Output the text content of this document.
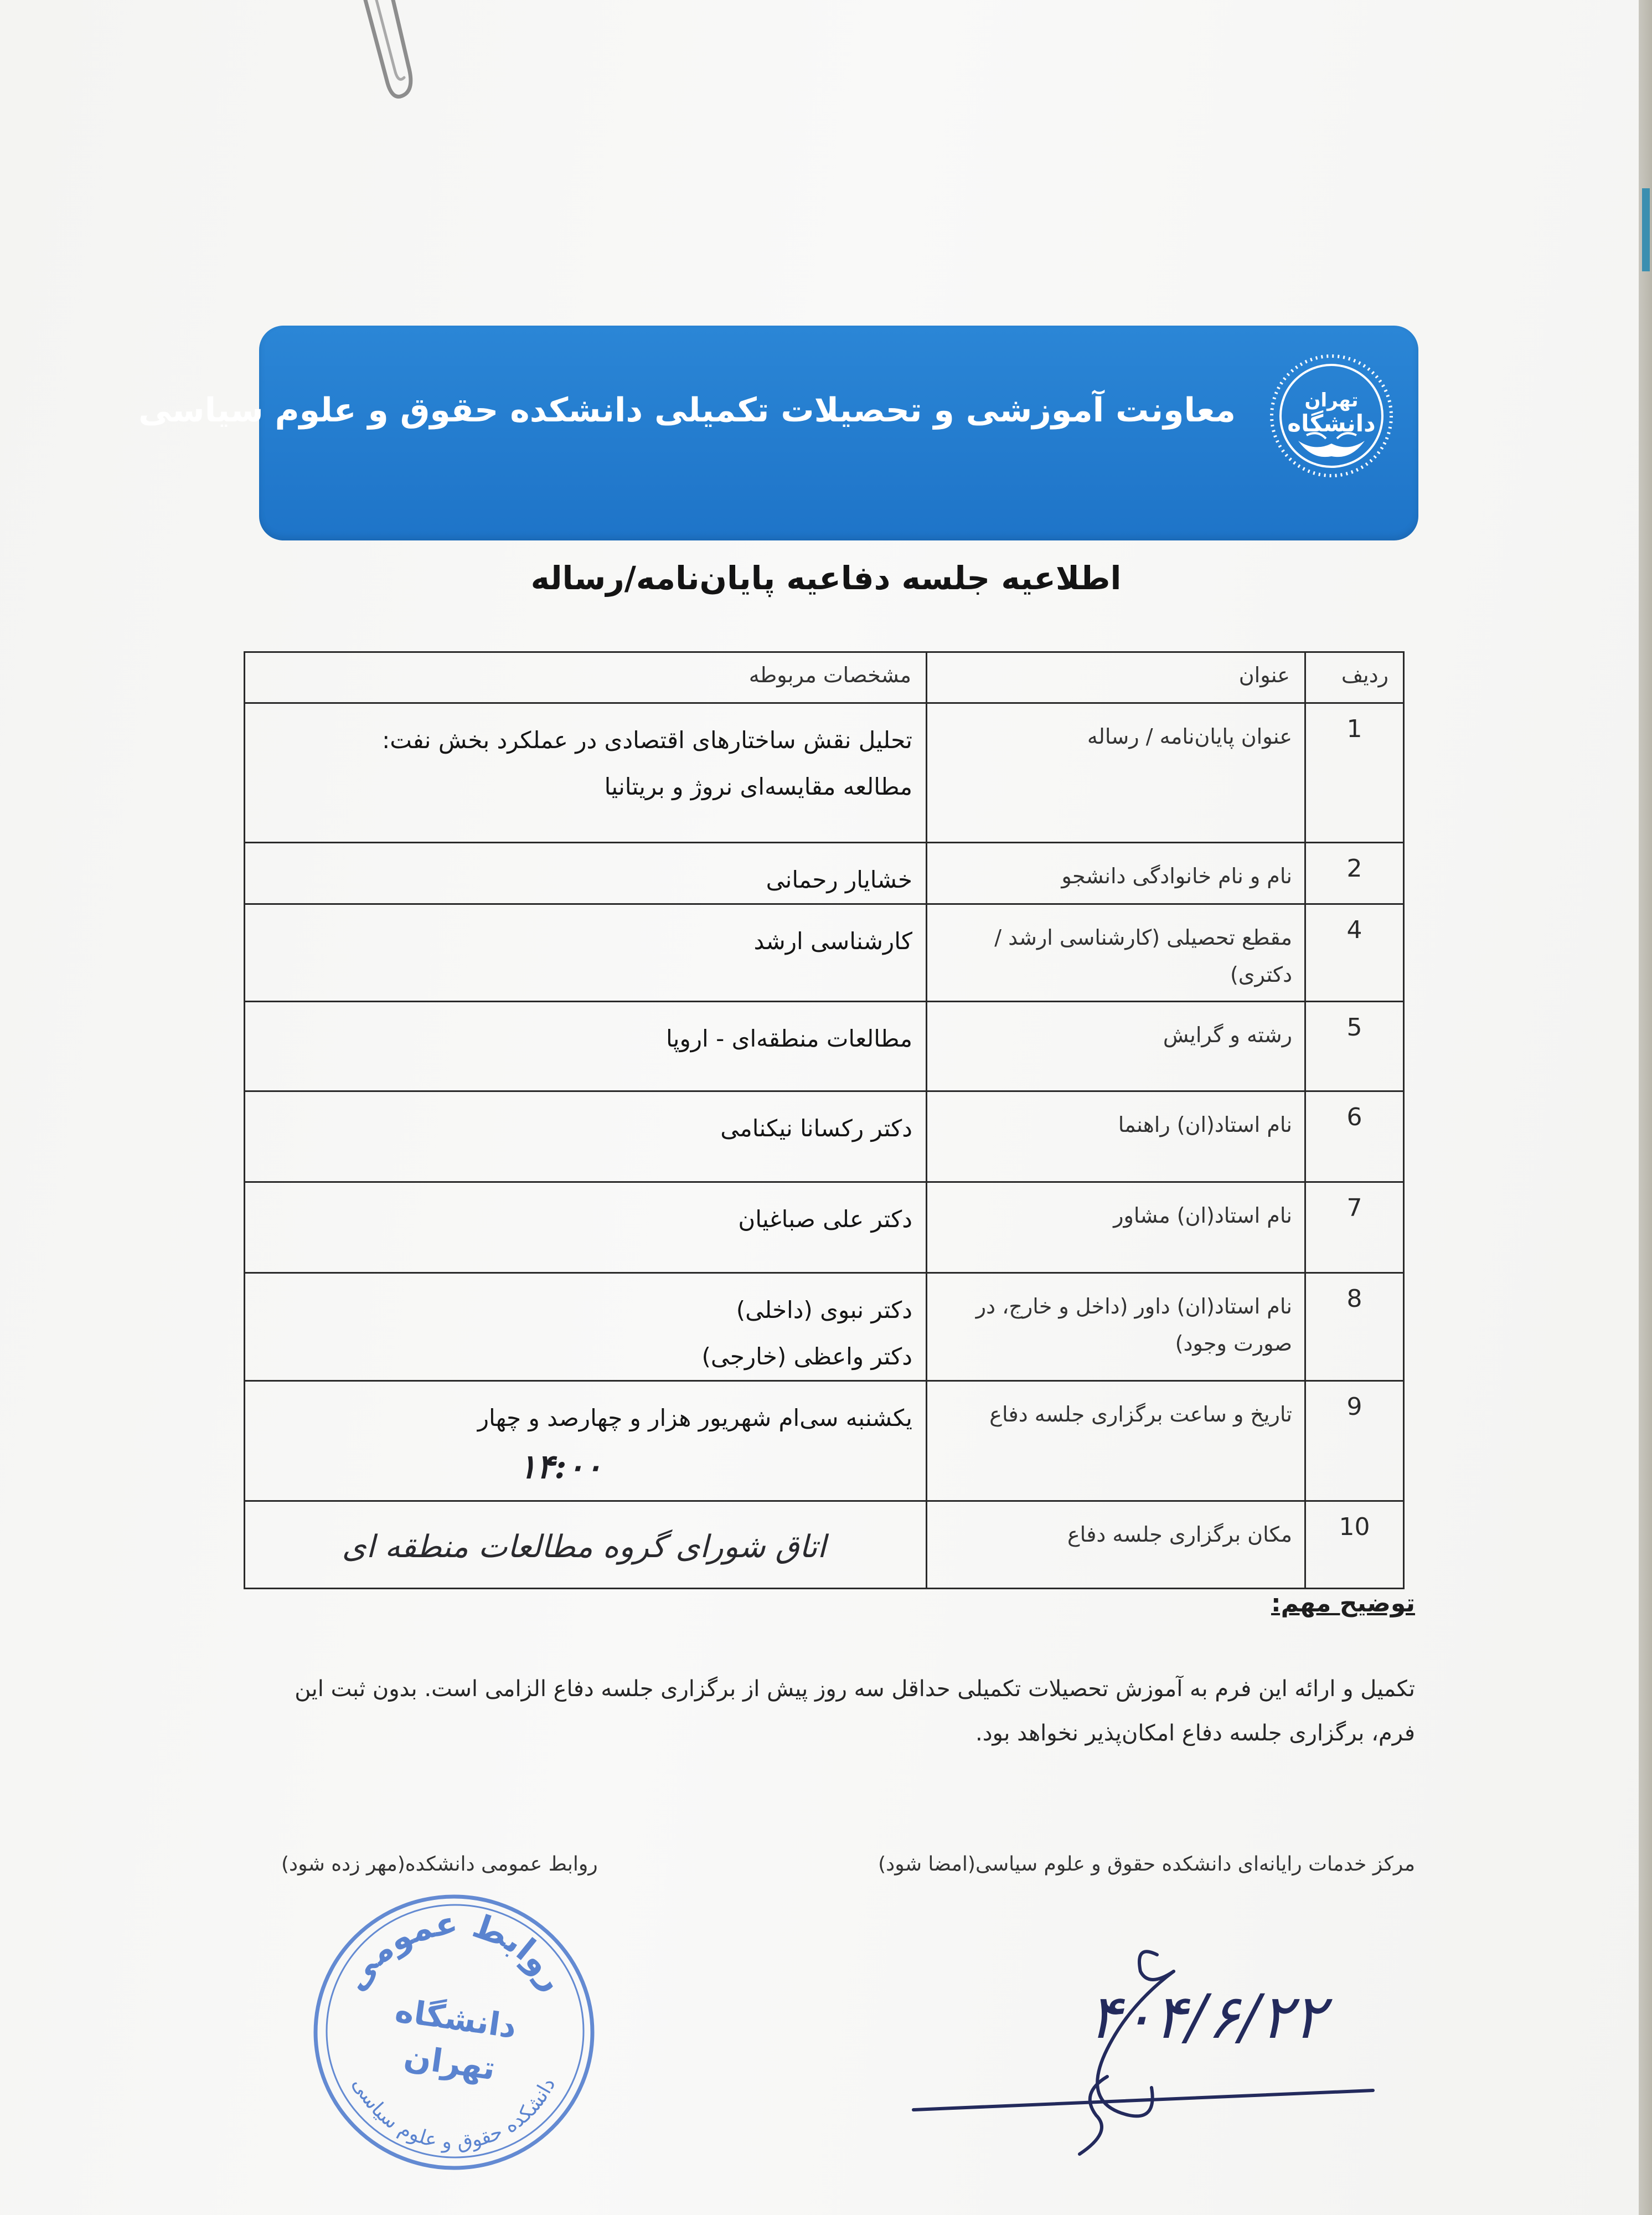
معاونت آموزشی و تحصیلات تکمیلی دانشکده حقوق و علوم سیاسی	تهران
دانشگاه
اطلاعیه جلسه دفاعیه پایان‌نامه/رساله
ردیف	عنوان	مشخصات مربوطه
1	عنوان پایان‌نامه / رساله	تحلیل نقش ساختارهای اقتصادی در عملکرد بخش نفت:
مطالعه مقایسه‌ای نروژ و بریتانیا

2	نام و نام خانوادگی دانشجو	خشایار رحمانی
4	مقطع تحصیلی (کارشناسی ارشد / دکتری)	کارشناسی ارشد
5	رشته و گرایش	مطالعات منطقه‌ای - اروپا
6	نام استاد(ان) راهنما	دکتر رکسانا نیکنامی
7	نام استاد(ان) مشاور	دکتر علی صباغیان
8	نام استاد(ان) داور (داخل و خارج، در صورت وجود)	دکتر نبوی (داخلی)
دکتر واعظی (خارجی)

9	تاریخ و ساعت برگزاری جلسه دفاع	یکشنبه سی‌ام شهریور هزار و چهارصد و چهار
۱۴:۰۰

10	مکان برگزاری جلسه دفاع	اتاق شورای گروه مطالعات منطقه ای
توضیح مهم:
تکمیل و ارائه این فرم به آموزش تحصیلات تکمیلی حداقل سه روز پیش از برگزاری جلسه دفاع الزامی است. بدون ثبت این فرم، برگزاری جلسه دفاع امکان‌پذیر نخواهد بود.
مرکز خدمات رایانه‌ای دانشکده حقوق و علوم سیاسی(امضا شود)
روابط عمومی دانشکده(مهر زده شود)
روابط عمومی
دانشکده حقوق و علوم سیاسی
دانشگاه
تهران
۴۰۴/۶/۲۲
